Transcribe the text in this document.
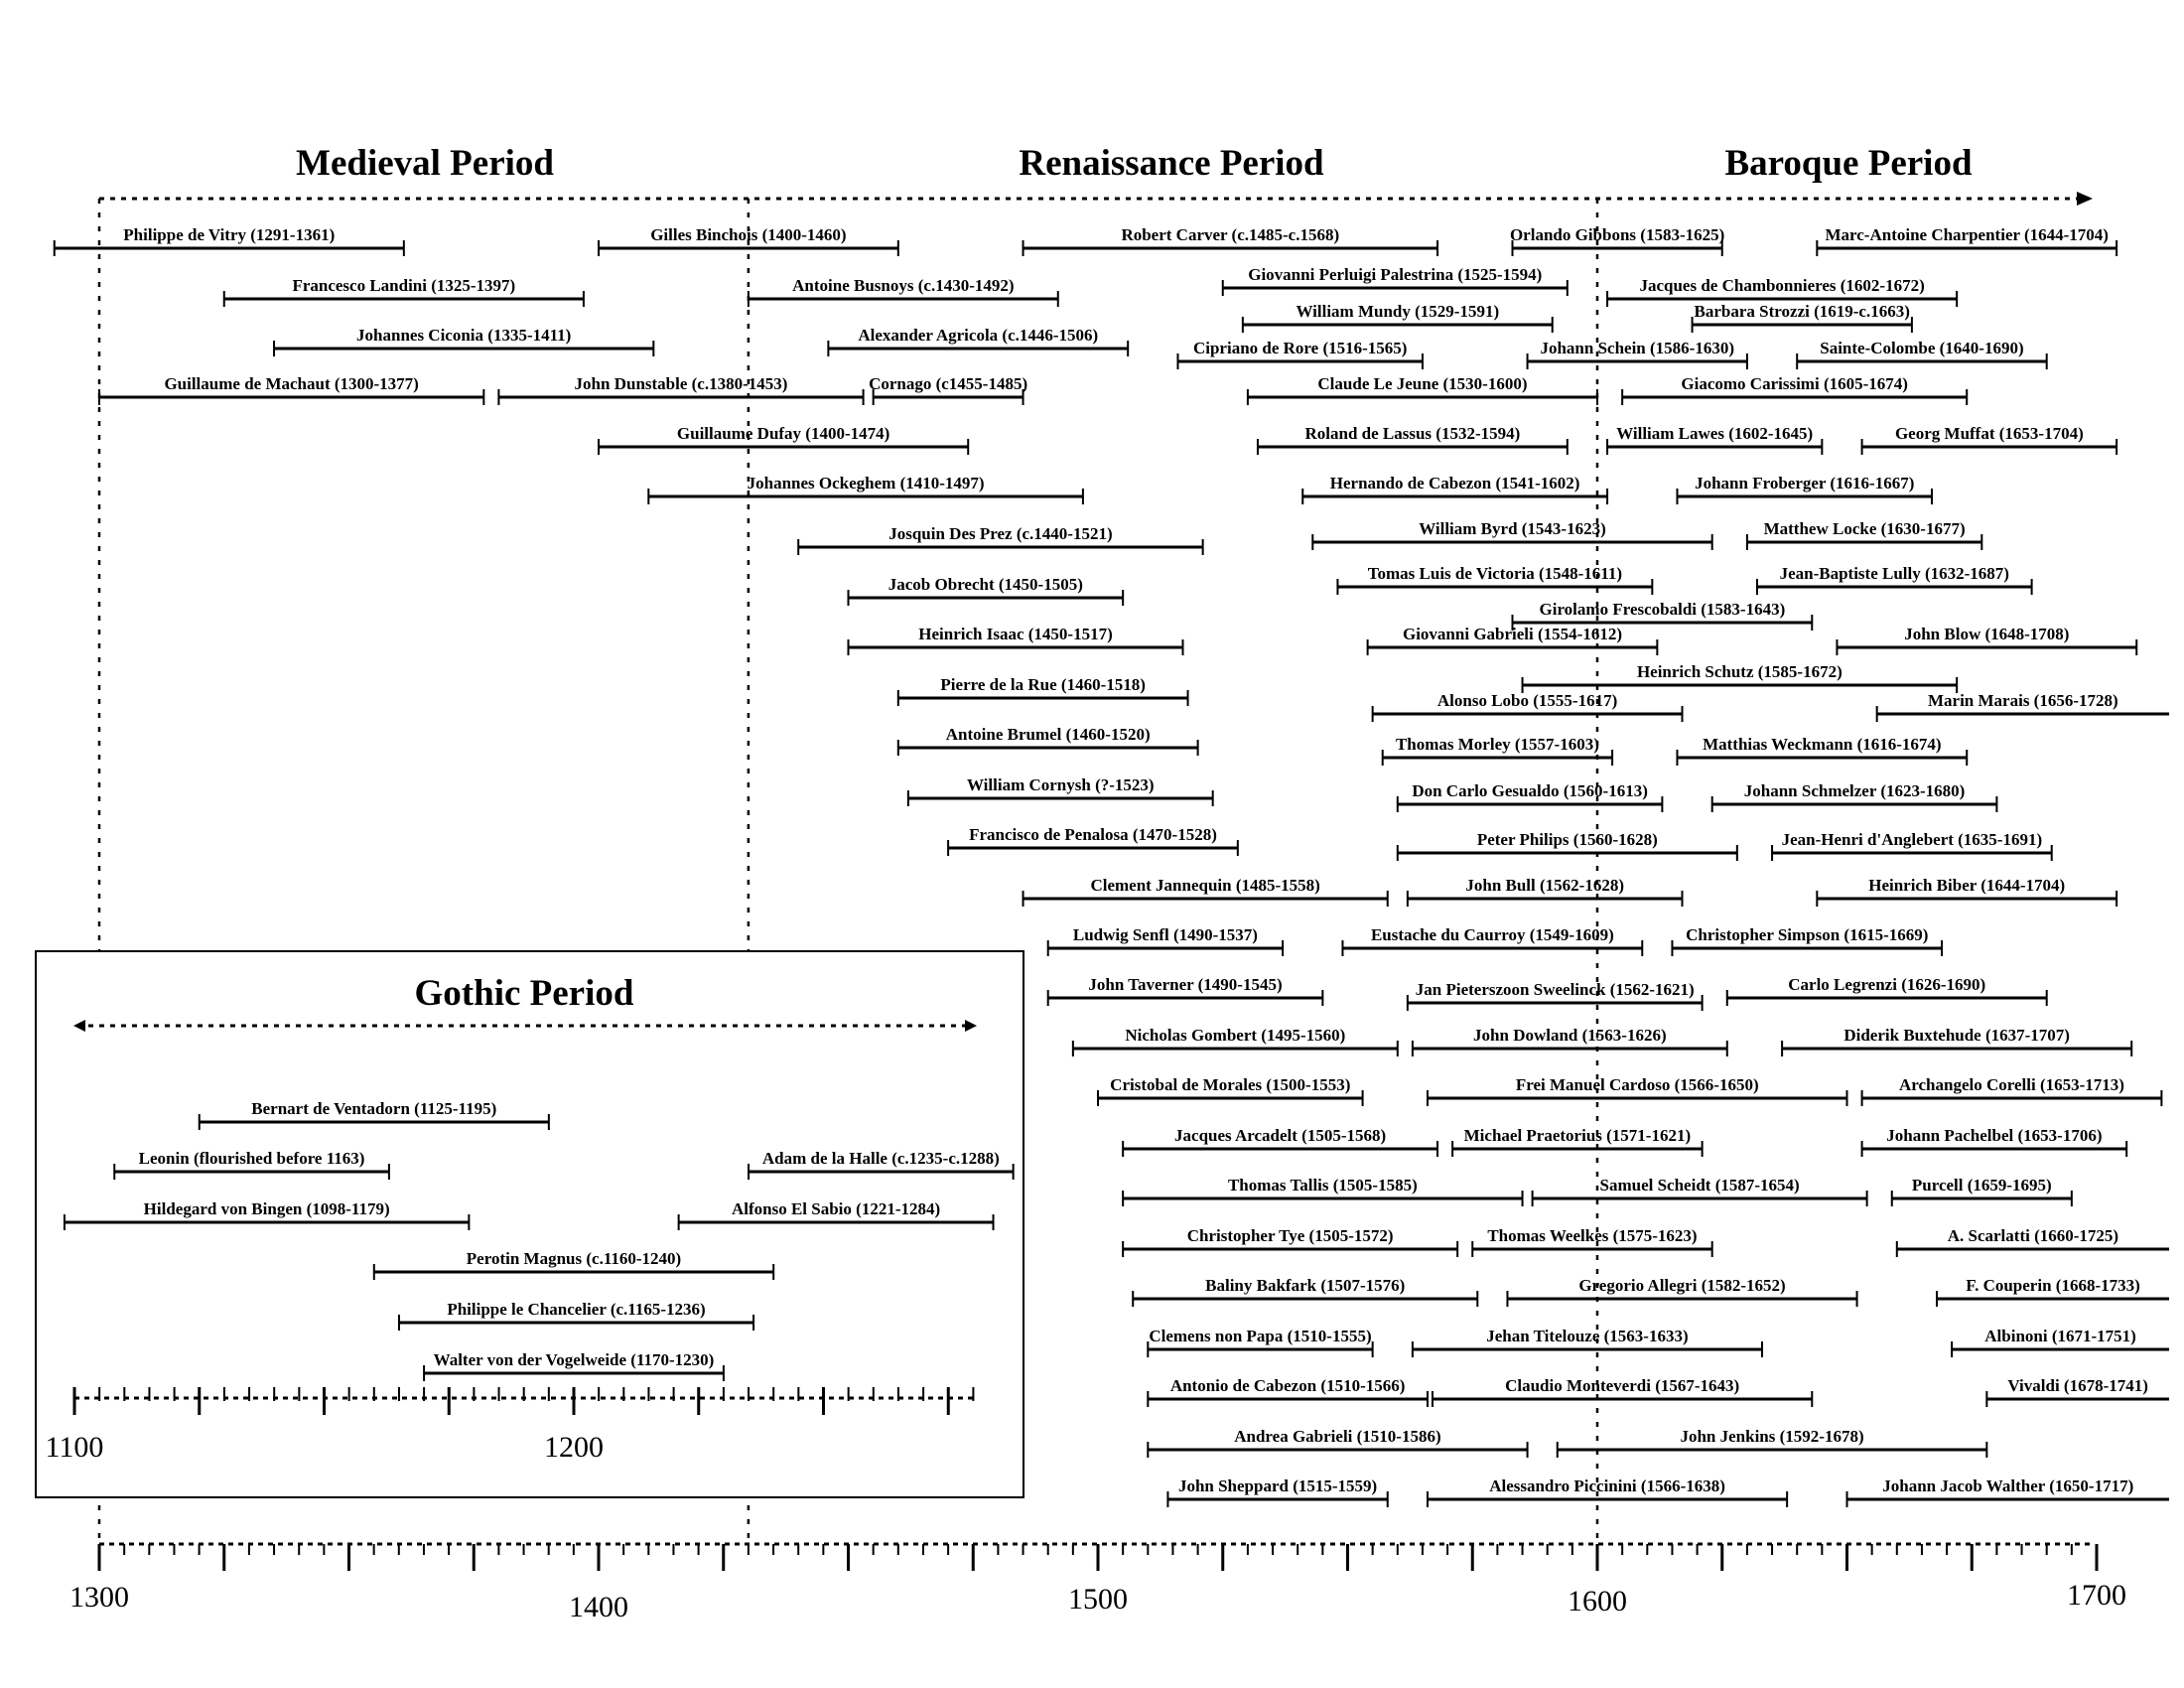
Medieval Period	Renaissance Period	Baroque Period
1300	1400	1500	1600	1700
Philippe de Vitry (1291-1361)
Francesco Landini (1325-1397)
Johannes Ciconia (1335-1411)
Guillaume de Machaut (1300-1377)	John Dunstable (c.1380-1453)
Gilles Binchois (1400-1460)
Antoine Busnoys (c.1430-1492)
Alexander Agricola (c.1446-1506)
Cornago (c1455-1485)
Guillaume Dufay (1400-1474)
Johannes Ockeghem (1410-1497)
Josquin Des Prez (c.1440-1521)
Jacob Obrecht (1450-1505)
Heinrich Isaac (1450-1517)
Pierre de la Rue (1460-1518)
Antoine Brumel (1460-1520)
William Cornysh (?-1523)
Francisco de Penalosa (1470-1528)
Robert Carver (c.1485-c.1568)
Clement Jannequin (1485-1558)
Ludwig Senfl (1490-1537)
John Taverner (1490-1545)
Nicholas Gombert (1495-1560)
Cristobal de Morales (1500-1553)
Jacques Arcadelt (1505-1568)
Thomas Tallis (1505-1585)
Christopher Tye (1505-1572)
Baliny Bakfark (1507-1576)
Clemens non Papa (1510-1555)
Antonio de Cabezon (1510-1566)
Andrea Gabrieli (1510-1586)
John Sheppard (1515-1559)
Giovanni Perluigi Palestrina (1525-1594)
William Mundy (1529-1591)
Cipriano de Rore (1516-1565)
Claude Le Jeune (1530-1600)
Roland de Lassus (1532-1594)
Hernando de Cabezon (1541-1602)
William Byrd (1543-1623)
Tomas Luis de Victoria (1548-1611)
Giovanni Gabrieli (1554-1612)
Alonso Lobo (1555-1617)
Thomas Morley (1557-1603)
Don Carlo Gesualdo (1560-1613)
Peter Philips (1560-1628)
John Bull (1562-1628)
Eustache du Caurroy (1549-1609)
Jan Pieterszoon Sweelinck (1562-1621)
John Dowland (1563-1626)
Frei Manuel Cardoso (1566-1650)
Michael Praetorius (1571-1621)
Samuel Scheidt (1587-1654)
Thomas Weelkes (1575-1623)
Gregorio Allegri (1582-1652)
Jehan Titelouze (1563-1633)
Claudio Monteverdi (1567-1643)
John Jenkins (1592-1678)
Alessandro Piccinini (1566-1638)
Orlando Gibbons (1583-1625)
Jacques de Chambonnieres (1602-1672)
Barbara Strozzi (1619-c.1663)
Johann Schein (1586-1630)
Giacomo Carissimi (1605-1674)
William Lawes (1602-1645)
Johann Froberger (1616-1667)
Matthew Locke (1630-1677)
Jean-Baptiste Lully (1632-1687)
Girolamo Frescobaldi (1583-1643)
Heinrich Schutz (1585-1672)
Matthias Weckmann (1616-1674)
Johann Schmelzer (1623-1680)
Jean-Henri d'Anglebert (1635-1691)
Christopher Simpson (1615-1669)
Carlo Legrenzi (1626-1690)
Marc-Antoine Charpentier (1644-1704)
Sainte-Colombe (1640-1690)
Georg Muffat (1653-1704)
John Blow (1648-1708)
Marin Marais (1656-1728)
Heinrich Biber (1644-1704)
Diderik Buxtehude (1637-1707)
Archangelo Corelli (1653-1713)
Johann Pachelbel (1653-1706)
Purcell (1659-1695)
A. Scarlatti (1660-1725)
F. Couperin (1668-1733)
Albinoni (1671-1751)
Vivaldi (1678-1741)
Johann Jacob Walther (1650-1717)
Gothic Period
Bernart de Ventadorn (1125-1195)
Leonin (flourished before 1163)
Hildegard von Bingen (1098-1179)
Adam de la Halle (c.1235-c.1288)
Alfonso El Sabio (1221-1284)
Perotin Magnus (c.1160-1240)
Philippe le Chancelier (c.1165-1236)
Walter von der Vogelweide (1170-1230)
1100	1200
